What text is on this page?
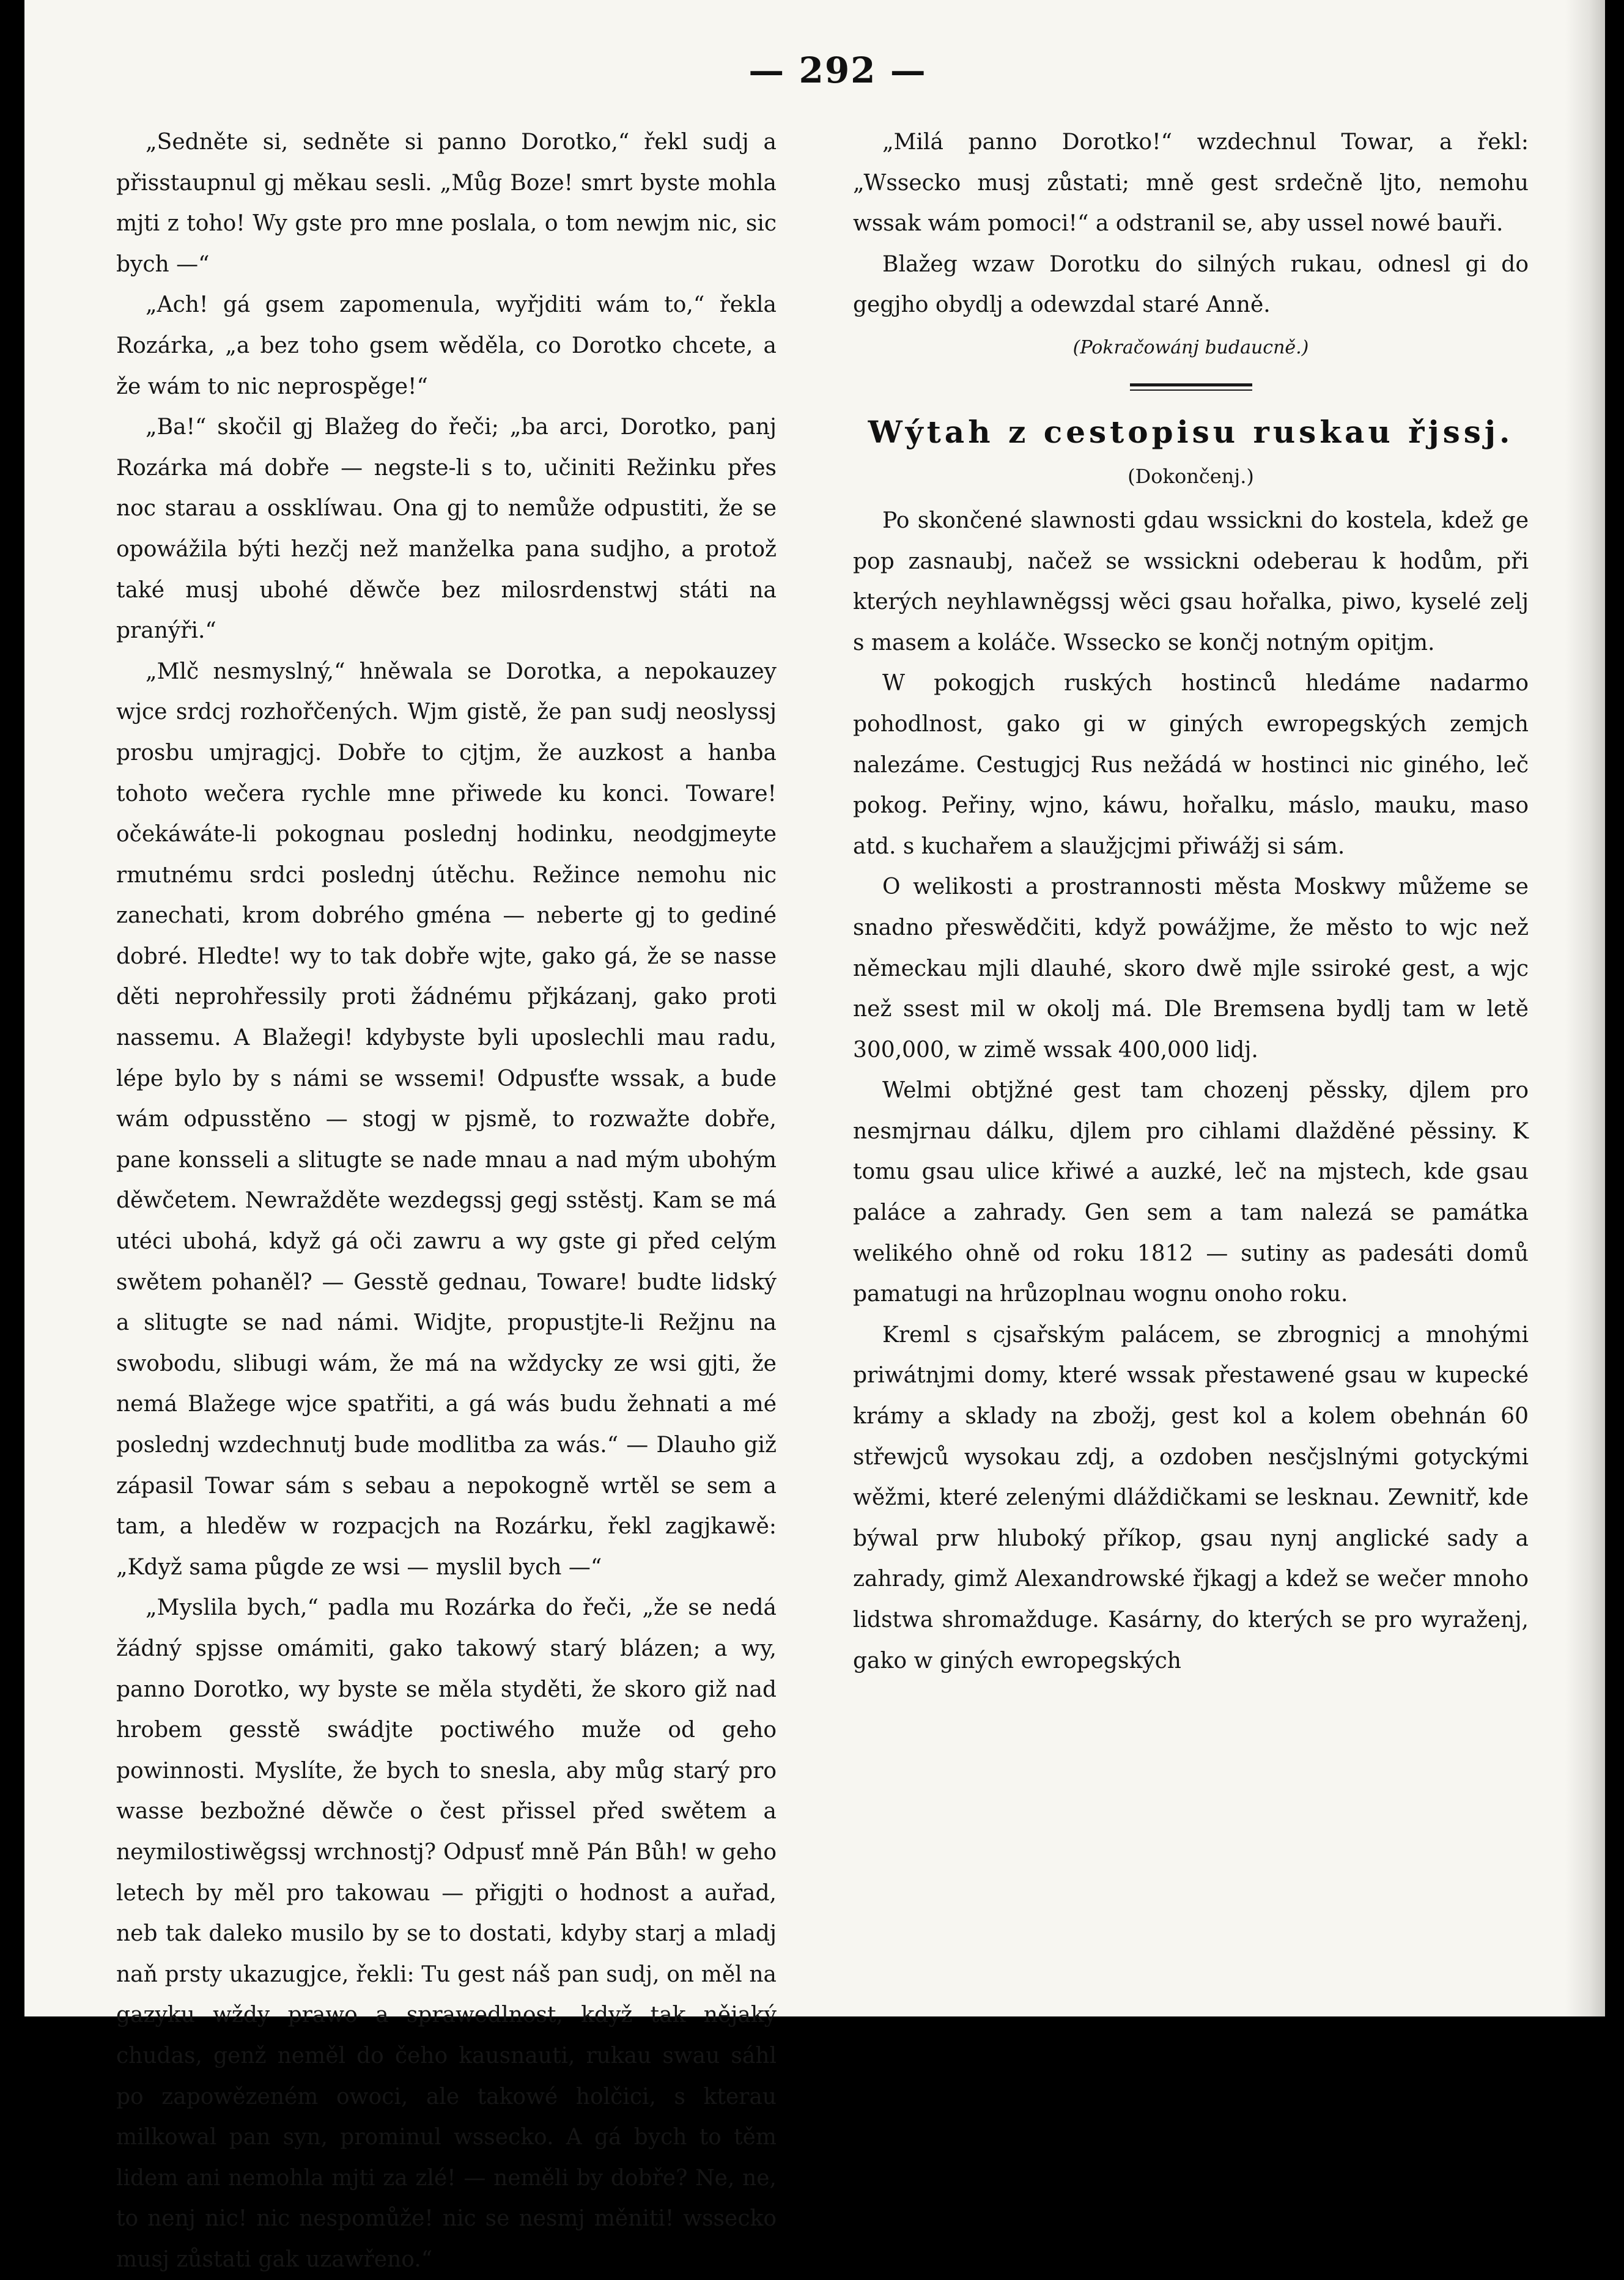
— 292 —

„Sedněte si, sedněte si panno Dorotko,“ řekl sudj a přisstaupnul gj měkau sesli. „Můg Boze! smrt byste mohla mjti z toho! Wy gste pro mne poslala, o tom newjm nic, sic bych —“

„Ach! gá gsem zapomenula, wyřjditi wám to,“ řekla Rozárka, „a bez toho gsem wěděla, co Dorotko chcete, a že wám to nic neprospěge!“

„Ba!“ skočil gj Blažeg do řeči; „ba arci, Dorotko, panj Rozárka má dobře — negste-li s to, učiniti Režinku přes noc starau a ossklíwau. Ona gj to nemůže odpustiti, že se opowážila býti hezčj než manželka pana sudjho, a protož také musj ubohé děwče bez milosrdenstwj státi na pranýři.“

„Mlč nesmyslný,“ hněwala se Dorotka, a nepokauzey wjce srdcj rozhořčených. Wjm gistě, že pan sudj neoslyssj prosbu umjragjcj. Dobře to cjtjm, že auzkost a hanba tohoto wečera rychle mne přiwede ku konci. Toware! očekáwáte-li pokognau poslednj hodinku, neodgjmeyte rmutnému srdci poslednj útěchu. Režince nemohu nic zanechati, krom dobrého gména — neberte gj to gediné dobré. Hledte! wy to tak dobře wjte, gako gá, že se nasse děti neprohřessily proti žádnému přjkázanj, gako proti nassemu. A Blažegi! kdybyste byli uposlechli mau radu, lépe bylo by s námi se wssemi! Odpusťte wssak, a bude wám odpusstěno — stogj w pjsmě, to rozwažte dobře, pane konsseli a slitugte se nade mnau a nad mým ubohým děwčetem. Newražděte wezdegssj gegj sstěstj. Kam se má utéci ubohá, když gá oči zawru a wy gste gi před celým swětem pohaněl? — Gesstě gednau, Toware! budte lidský a slitugte se nad námi. Widjte, propustjte-li Režjnu na swobodu, slibugi wám, že má na wždycky ze wsi gjti, že nemá Blažege wjce spatřiti, a gá wás budu žehnati a mé poslednj wzdechnutj bude modlitba za wás.“ — Dlauho giž zápasil Towar sám s sebau a nepokogně wrtěl se sem a tam, a hleděw w rozpacjch na Rozárku, řekl zagjkawě: „Když sama půgde ze wsi — myslil bych —“

„Myslila bych,“ padla mu Rozárka do řeči, „že se nedá žádný spjsse omámiti, gako takowý starý blázen; a wy, panno Dorotko, wy byste se měla styděti, že skoro giž nad hrobem gesstě swádjte poctiwého muže od geho powinnosti. Myslíte, že bych to snesla, aby můg starý pro wasse bezbožné děwče o čest přissel před swětem a neymilostiwěgssj wrchnostj? Odpusť mně Pán Bůh! w geho letech by měl pro takowau — přigjti o hodnost a auřad, neb tak daleko musilo by se to dostati, kdyby starj a mladj naň prsty ukazugjce, řekli: Tu gest náš pan sudj, on měl na gazyku wždy prawo a sprawedlnost, když tak nějaký chudas, genž neměl do čeho kausnauti, rukau swau sáhl po zapowězeném owoci, ale takowé holčici, s kterau milkowal pan syn, prominul wssecko. A gá bych to těm lidem ani nemohla mjti za zlé! — neměli by dobře? Ne, ne, to nenj nic! nic nespomůže! nic se nesmj měniti! wssecko musj zůstati gak uzawřeno.“

„Milá panno Dorotko!“ wzdechnul Towar, a řekl: „Wssecko musj zůstati; mně gest srdečně ljto, nemohu wssak wám pomoci!“ a odstranil se, aby ussel nowé bauři.

Blažeg wzaw Dorotku do silných rukau, odnesl gi do gegjho obydlj a odewzdal staré Anně.

(Pokračowánj budaucně.)

Wýtah z cestopisu ruskau řjssj.

(Dokončenj.)

Po skončené slawnosti gdau wssickni do kostela, kdež ge pop zasnaubj, načež se wssickni odeberau k hodům, při kterých neyhlawněgssj wěci gsau hořalka, piwo, kyselé zelj s masem a koláče. Wssecko se končj notným opitjm.

W pokogjch ruských hostinců hledáme nadarmo pohodlnost, gako gi w giných ewropegských zemjch nalezáme. Cestugjcj Rus nežádá w hostinci nic giného, leč pokog. Peřiny, wjno, káwu, hořalku, máslo, mauku, maso atd. s kuchařem a slaužjcjmi přiwážj si sám.

O welikosti a prostrannosti města Moskwy můžeme se snadno přeswědčiti, když powážjme, že město to wjc než německau mjli dlauhé, skoro dwě mjle ssiroké gest, a wjc než ssest mil w okolj má. Dle Bremsena bydlj tam w letě 300,000, w zimě wssak 400,000 lidj.

Welmi obtjžné gest tam chozenj pěssky, djlem pro nesmjrnau dálku, djlem pro cihlami dlažděné pěssiny. K tomu gsau ulice křiwé a auzké, leč na mjstech, kde gsau paláce a zahrady. Gen sem a tam nalezá se památka welikého ohně od roku 1812 — sutiny as padesáti domů pamatugi na hrůzoplnau wognu onoho roku.

Kreml s cjsařským palácem, se zbrognicj a mnohými priwátnjmi domy, které wssak přestawené gsau w kupecké krámy a sklady na zbožj, gest kol a kolem obehnán 60 střewjců wysokau zdj, a ozdoben nesčjslnými gotyckými wěžmi, které zelenými dláždičkami se lesknau. Zewnitř, kde býwal prw hluboký příkop, gsau nynj anglické sady a zahrady, gimž Alexandrowské řjkagj a kdež se wečer mnoho lidstwa shromažduge. Kasárny, do kterých se pro wyraženj, gako w giných ewropegských
